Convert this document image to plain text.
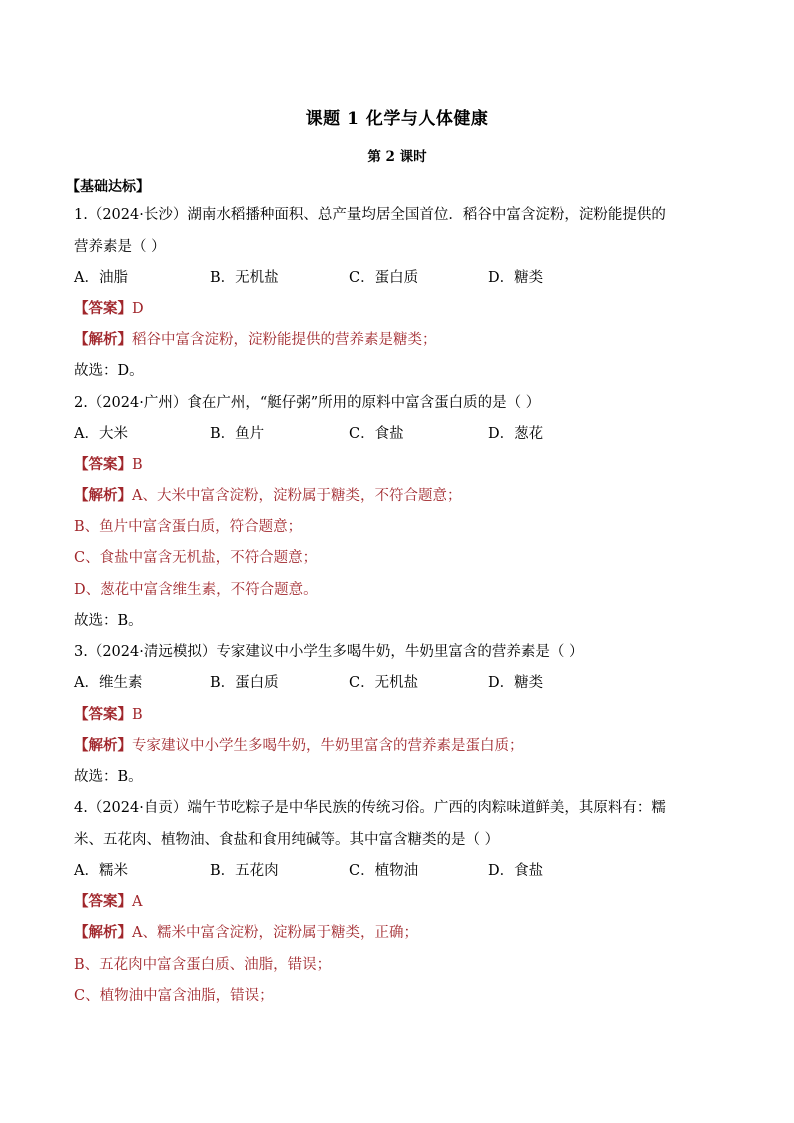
课题 1 化学与人体健康
第 2 课时
【基础达标】
1.（2024·长沙）湖南水稻播种面积、总产量均居全国首位．稻谷中富含淀粉，淀粉能提供的
营养素是（ ）
A．油脂	B．无机盐	C．蛋白质	D．糖类
【答案】D
【解析】稻谷中富含淀粉，淀粉能提供的营养素是糖类；
故选：D。
2.（2024·广州）食在广州，“艇仔粥”所用的原料中富含蛋白质的是（ ）
A．大米	B．鱼片	C．食盐	D．葱花
【答案】B
【解析】A、大米中富含淀粉，淀粉属于糖类，不符合题意；
B、鱼片中富含蛋白质，符合题意；
C、食盐中富含无机盐，不符合题意；
D、葱花中富含维生素，不符合题意。
故选：B。
3.（2024·清远模拟）专家建议中小学生多喝牛奶，牛奶里富含的营养素是（ ）
A．维生素	B．蛋白质	C．无机盐	D．糖类
【答案】B
【解析】专家建议中小学生多喝牛奶，牛奶里富含的营养素是蛋白质；
故选：B。
4.（2024·自贡）端午节吃粽子是中华民族的传统习俗。广西的肉粽味道鲜美，其原料有：糯
米、五花肉、植物油、食盐和食用纯碱等。其中富含糖类的是（ ）
A．糯米	B．五花肉	C．植物油	D．食盐
【答案】A
【解析】A、糯米中富含淀粉，淀粉属于糖类，正确；
B、五花肉中富含蛋白质、油脂，错误；
C、植物油中富含油脂，错误；
